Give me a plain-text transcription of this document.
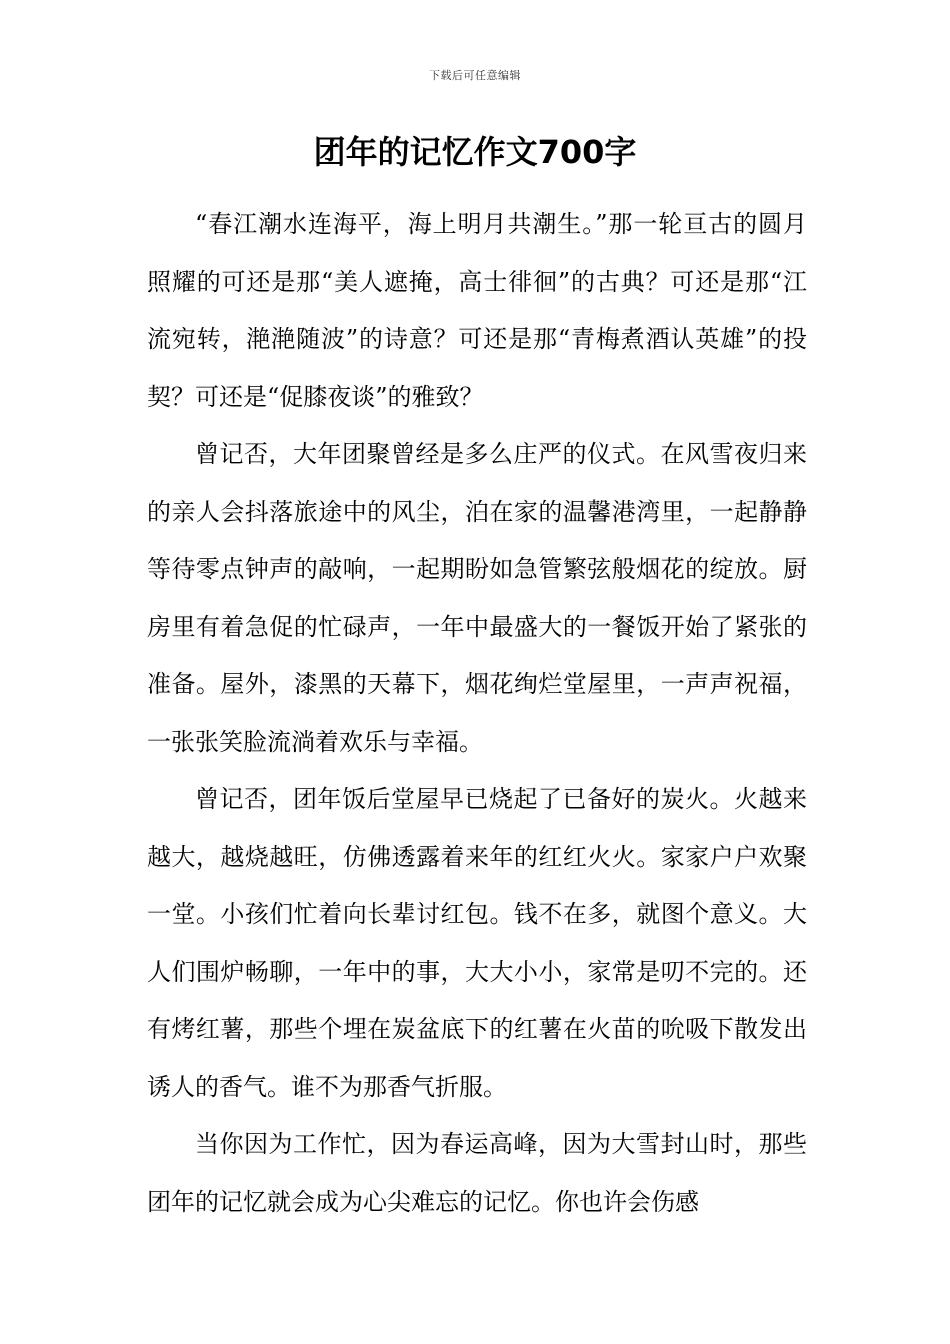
下载后可任意编辑
团年的记忆作文700字

“春江潮水连海平，海上明月共潮生。”那一轮亘古的圆月照耀的可还是那“美人遮掩，高士徘徊”的古典？可还是那“江流宛转，滟滟随波”的诗意？可还是那“青梅煮酒认英雄”的投契？可还是“促膝夜谈”的雅致？

曾记否，大年团聚曾经是多么庄严的仪式。在风雪夜归来的亲人会抖落旅途中的风尘，泊在家的温馨港湾里，一起静静等待零点钟声的敲响，一起期盼如急管繁弦般烟花的绽放。厨房里有着急促的忙碌声，一年中最盛大的一餐饭开始了紧张的准备。屋外，漆黑的天幕下，烟花绚烂堂屋里，一声声祝福，一张张笑脸流淌着欢乐与幸福。

曾记否，团年饭后堂屋早已烧起了已备好的炭火。火越来越大，越烧越旺，仿佛透露着来年的红红火火。家家户户欢聚一堂。小孩们忙着向长辈讨红包。钱不在多，就图个意义。大人们围炉畅聊，一年中的事，大大小小，家常是叨不完的。还有烤红薯，那些个埋在炭盆底下的红薯在火苗的吮吸下散发出诱人的香气。谁不为那香气折服。

当你因为工作忙，因为春运高峰，因为大雪封山时，那些团年的记忆就会成为心尖难忘的记忆。你也许会伤感
